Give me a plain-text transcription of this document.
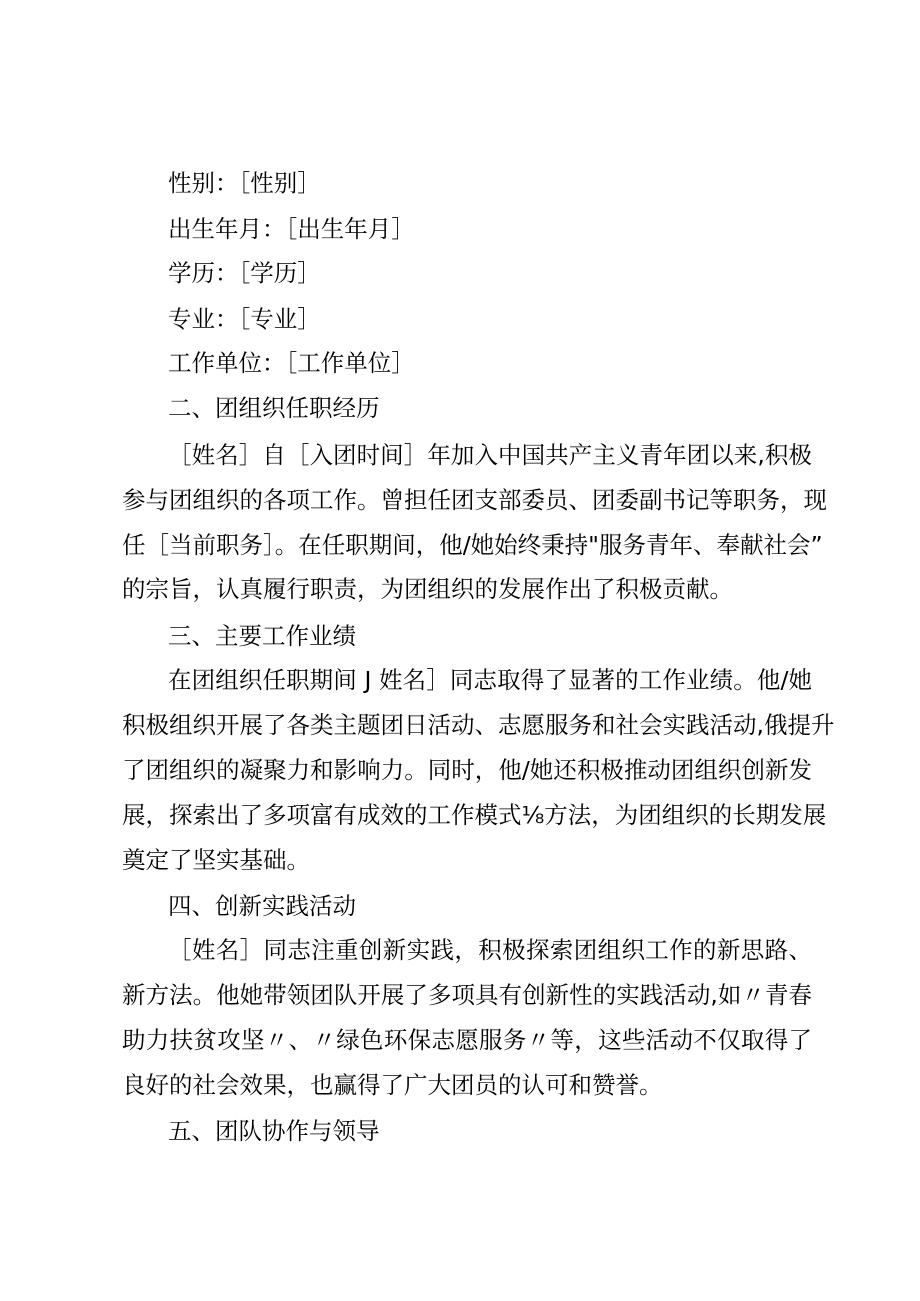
性别：［性别］
出生年月：［出生年月］
学历：［学历］
专业：［专业］
工作单位：［工作单位］
二、团组织任职经历
［姓名］自［入团时间］年加入中国共产主义青年团以来,积极
参与团组织的各项工作。曾担任团支部委员、团委副书记等职务，现
任［当前职务］。在任职期间，他/她始终秉持"服务青年、奉献社会”
的宗旨，认真履行职责，为团组织的发展作出了积极贡献。
三、主要工作业绩
在团组织任职期间 J 姓名］同志取得了显著的工作业绩。他/她
积极组织开展了各类主题团日活动、志愿服务和社会实践活动,俄提升
了团组织的凝聚力和影响力。同时，他/她还积极推动团组织创新发
展，探索出了多项富有成效的工作模式⅛方法，为团组织的长期发展
奠定了坚实基础。
四、创新实践活动
［姓名］同志注重创新实践，积极探索团组织工作的新思路、
新方法。他她带领团队开展了多项具有创新性的实践活动,如〃青春
助力扶贫攻坚〃、〃绿色环保志愿服务〃等，这些活动不仅取得了
良好的社会效果，也赢得了广大团员的认可和赞誉。
五、团队协作与领导
